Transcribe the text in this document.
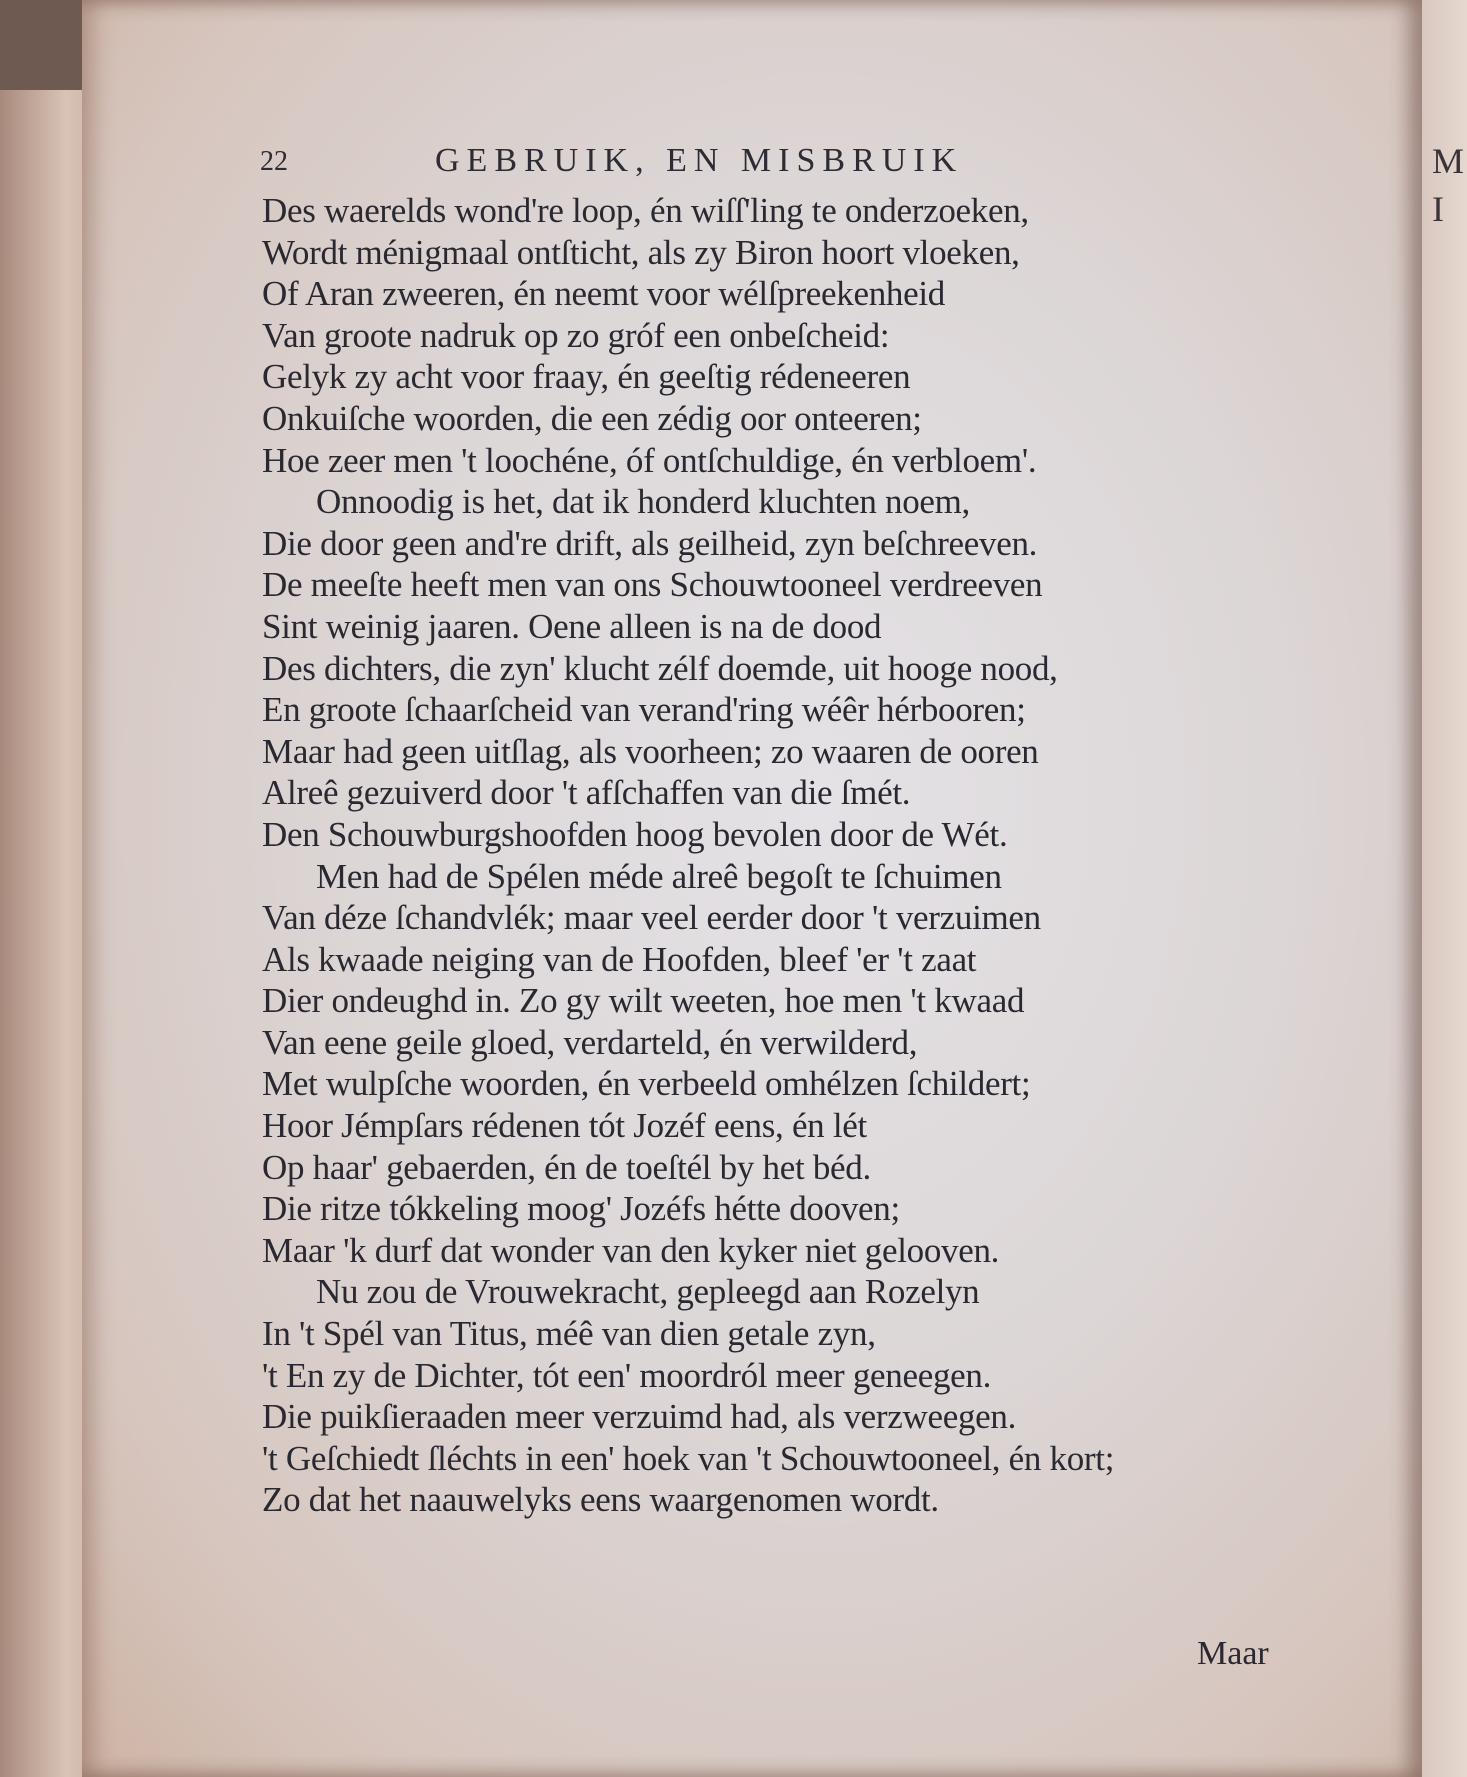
M
I
22	GEBRUIK, EN MISBRUIK
Des waerelds wond're loop, én wiſſ'ling te onderzoeken,
Wordt ménigmaal ontſticht, als zy Biron hoort vloeken,
Of Aran zweeren, én neemt voor wélſpreekenheid
Van groote nadruk op zo gróf een onbeſcheid:
Gelyk zy acht voor fraay, én geeſtig rédeneeren
Onkuiſche woorden, die een zédig oor onteeren;
Hoe zeer men 't loochéne, óf ontſchuldige, én verbloem'.
Onnoodig is het, dat ik honderd kluchten noem,
Die door geen and're drift, als geilheid, zyn beſchreeven.
De meeſte heeft men van ons Schouwtooneel verdreeven
Sint weinig jaaren. Oene alleen is na de dood
Des dichters, die zyn' klucht zélf doemde, uit hooge nood,
En groote ſchaarſcheid van verand'ring wéêr hérbooren;
Maar had geen uitſlag, als voorheen; zo waaren de ooren
Alreê gezuiverd door 't afſchaffen van die ſmét.
Den Schouwburgshoofden hoog bevolen door de Wét.
Men had de Spélen méde alreê begoſt te ſchuimen
Van déze ſchandvlék; maar veel eerder door 't verzuimen
Als kwaade neiging van de Hoofden, bleef 'er 't zaat
Dier ondeughd in. Zo gy wilt weeten, hoe men 't kwaad
Van eene geile gloed, verdarteld, én verwilderd,
Met wulpſche woorden, én verbeeld omhélzen ſchildert;
Hoor Jémpſars rédenen tót Jozéf eens, én lét
Op haar' gebaerden, én de toeſtél by het béd.
Die ritze tókkeling moog' Jozéfs hétte dooven;
Maar 'k durf dat wonder van den kyker niet gelooven.
Nu zou de Vrouwekracht, gepleegd aan Rozelyn
In 't Spél van Titus, méê van dien getale zyn,
't En zy de Dichter, tót een' moordról meer geneegen.
Die puikſieraaden meer verzuimd had, als verzweegen.
't Geſchiedt ſléchts in een' hoek van 't Schouwtooneel, én kort;
Zo dat het naauwelyks eens waargenomen wordt.
Maar
